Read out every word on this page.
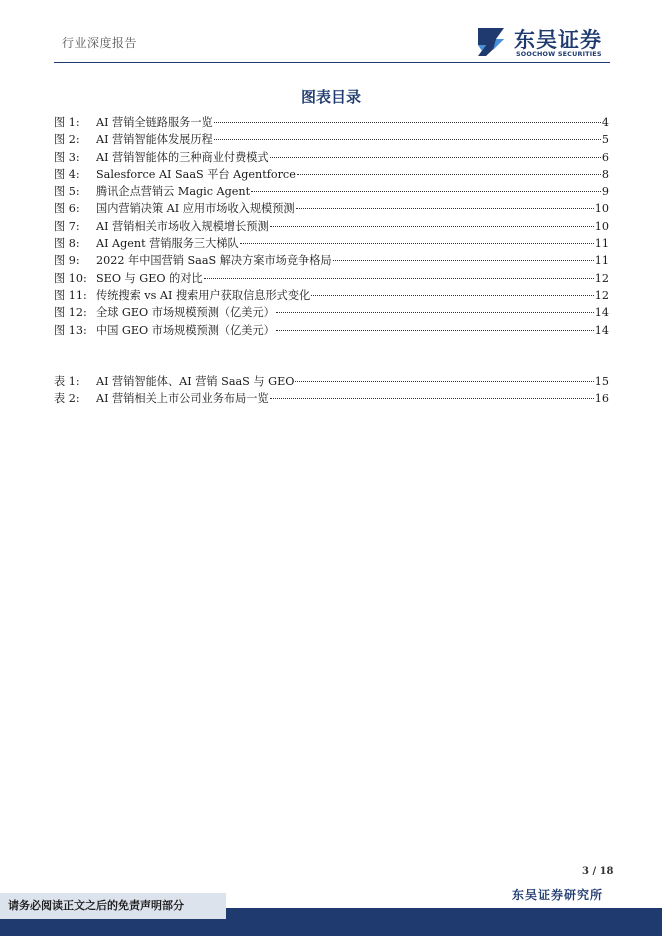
行业深度报告	东吴证券
SOOCHOW SECURITIES
图表目录
图 1:	AI 营销全链路服务一览	4
图 2:	AI 营销智能体发展历程	5
图 3:	AI 营销智能体的三种商业付费模式	6
图 4:	Salesforce AI SaaS 平台 Agentforce	8
图 5:	腾讯企点营销云 Magic Agent	9
图 6:	国内营销决策 AI 应用市场收入规模预测	10
图 7:	AI 营销相关市场收入规模增长预测	10
图 8:	AI Agent 营销服务三大梯队	11
图 9:	2022 年中国营销 SaaS 解决方案市场竞争格局	11
图 10: SEO 与 GEO 的对比	12
图 11: 传统搜索 vs AI 搜索用户获取信息形式变化	12
图 12: 全球 GEO 市场规模预测（亿美元）	14
图 13: 中国 GEO 市场规模预测（亿美元）	14
表 1:	AI 营销智能体、AI 营销 SaaS 与 GEO	15
表 2:	AI 营销相关上市公司业务布局一览	16
3 / 18
东吴证券研究所
请务必阅读正文之后的免责声明部分
